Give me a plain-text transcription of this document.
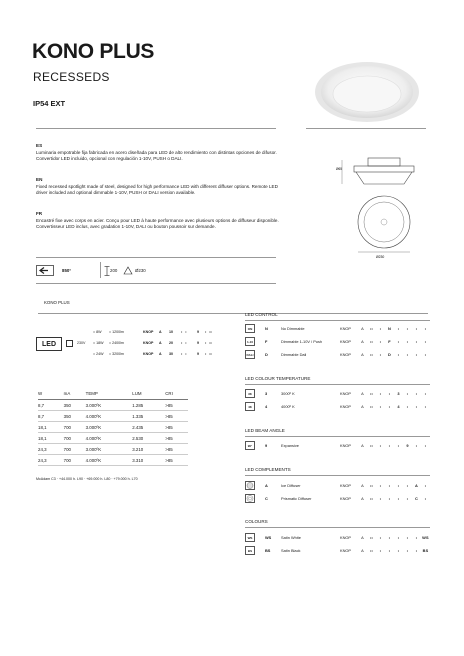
KONO PLUS
RECESSEDS
IP54 EXT
ES
Luminaria empotrable fija fabricada en acero diseñada para LED de alto rendimiento con distintas opciones de difusor. Convertidor LED incluido, opcional con regulación 1-10V, PUSH o DALI.
EN
Fixed recessed spotlight made of steel, designed for high performance LED with different diffuser options. Remote LED driver included and optional dimmable 1-10V, PUSH or DALI version available.
FR
Encastré fixe avec corps en acier. Conçu pour LED à haute performance avec plusieurs options de diffuseur disponible. Convertisseur LED inclus, avec gradation 1-10V, DALI ou bouton poussoir sur demande.
Ø65
Ø230
850°	200	Ø230
KONO PLUS
LED	230V
= 8W = 1200lm	KNOP A 10 •   •	9 •   ••
= 18W = 2400lm	KNOP A 20 •   •	9 •   ••
= 24W = 3200lm	KNOP A 30 •   •	9 •   ••
W	mA	TEMP	LUM	CRI
8,7	350	3.000ºK	1.285	>85
8,7	350	4.000ºK	1.335	>85
18,1	700	3.000ºK	2.435	>85
18,1	700	4.000ºK	2.530	>85
24,3	700	3.000ºK	3.210	>85
24,3	700	4.000ºK	3.310	>85
McAdam C3 · +44.000 h. L90 · +69.000 h. L80 · +79.000 h. L70
LED CONTROL
ON	N	No Dimmable	KNOP	A •• • N • • • •
1-10	F	Dimmable 1-10V / Push	KNOP	A •• • F • • • •
DALI	D	Dimmable Dali	KNOP	A •• • D • • • •
LED COLOUR TEMPERATURE
3K	3	3000º K	KNOP	A •• • • 3 • • •
4K	4	4000º K	KNOP	A •• • • 4 • • •
LED BEAM ANGLE
90°	9	Expansive	KNOP	A •• • • • 9 • •
LED COMPLEMENTS
A	Ice Diffuser	KNOP	A •• • • • • A •
C	Prismatic Diffuser	KNOP	A •• • • • • C •
COLOURS
WS	WS Satin White	KNOP	A •• • • • • • WS
BS	BS	Satin Black	KNOP	A •• • • • • • BS
